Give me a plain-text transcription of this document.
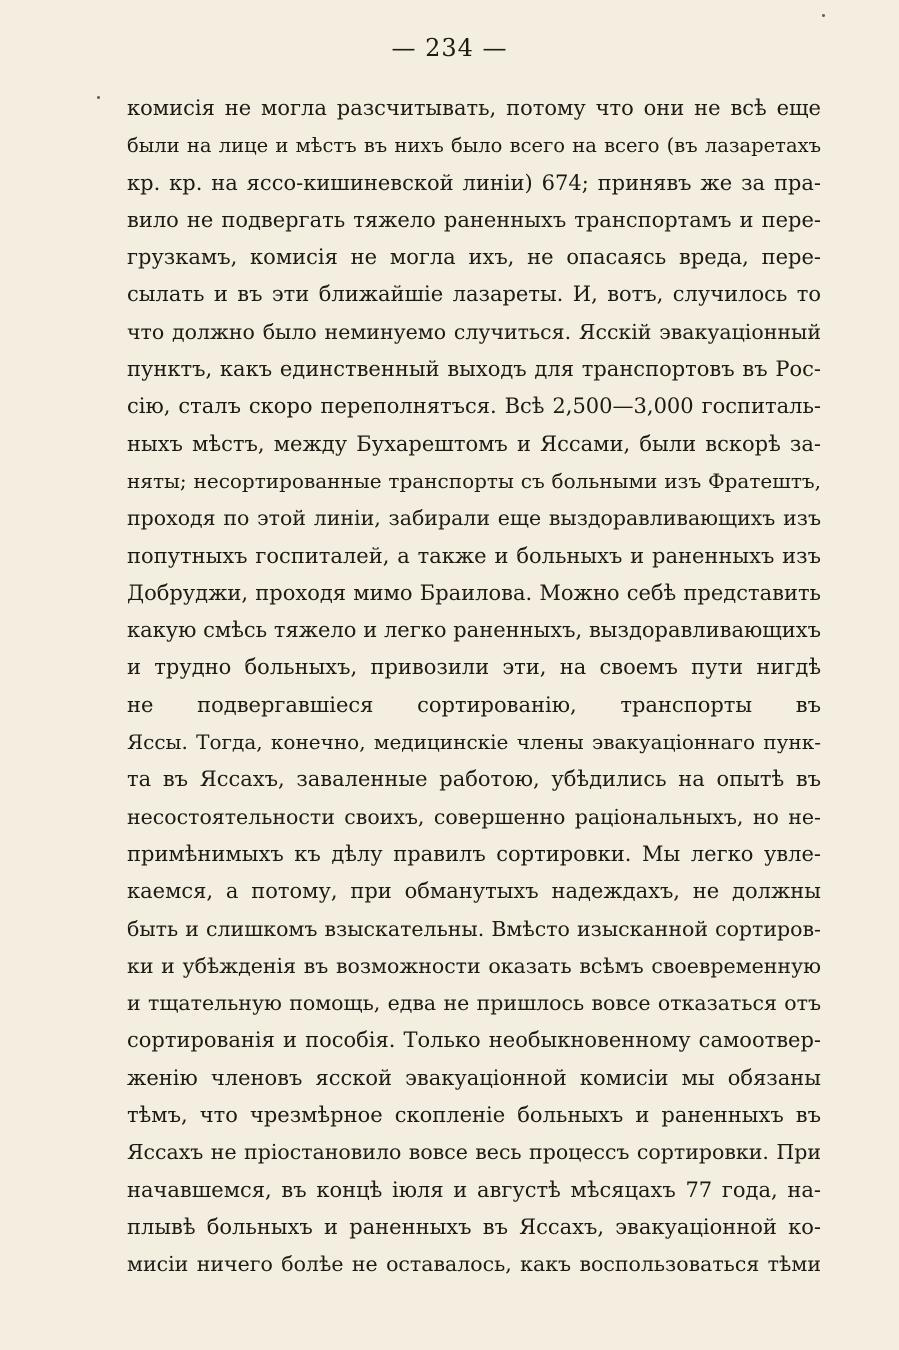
— 234 —
комисія не могла разсчитывать, потому что они не всѣ еще
были на лице и мѣстъ въ нихъ было всего на всего (въ лазаретахъ
кр. кр. на яссо-кишиневской линіи) 674; принявъ же за пра-
вило не подвергать тяжело раненныхъ транспортамъ и пере-
грузкамъ, комисія не могла ихъ, не опасаясь вреда, пере-
сылать и въ эти ближайшіе лазареты. И, вотъ, случилось то
что должно было неминуемо случиться. Ясскій эвакуаціонный
пунктъ, какъ единственный выходъ для транспортовъ въ Рос-
сію, сталъ скоро переполнятъся. Всѣ 2,500—3,000 госпиталь-
ныхъ мѣстъ, между Бухарештомъ и Яссами, были вскорѣ за-
няты; несортированные транспорты съ больными изъ Фратештъ,
проходя по этой линіи, забирали еще выздоравливающихъ изъ
попутныхъ госпиталей, а также и больныхъ и раненныхъ изъ
Добруджи, проходя мимо Браилова. Можно себѣ представить
какую смѣсь тяжело и легко раненныхъ, выздоравливающихъ
и трудно больныхъ, привозили эти, на своемъ пути нигдѣ
не подвергавшіеся сортированію, транспорты въ
Яссы. Тогда, конечно, медицинскіе члены эвакуаціоннаго пунк-
та въ Яссахъ, заваленные работою, убѣдились на опытѣ въ
несостоятельности своихъ, совершенно раціональныхъ, но не-
примѣнимыхъ къ дѣлу правилъ сортировки. Мы легко увле-
каемся, а потому, при обманутыхъ надеждахъ, не должны
быть и слишкомъ взыскательны. Вмѣсто изысканной сортиров-
ки и убѣжденія въ возможности оказать всѣмъ своевременную
и тщательную помощь, едва не пришлось вовсе отказаться отъ
сортированія и пособія. Только необыкновенному самоотвер-
женію членовъ ясской эвакуаціонной комисіи мы обязаны
тѣмъ, что чрезмѣрное скопленіе больныхъ и раненныхъ въ
Яссахъ не пріостановило вовсе весь процессъ сортировки. При
начавшемся, въ концѣ іюля и августѣ мѣсяцахъ 77 года, на-
плывѣ больныхъ и раненныхъ въ Яссахъ, эвакуаціонной ко-
мисіи ничего болѣе не оставалось, какъ воспользоваться тѣми
